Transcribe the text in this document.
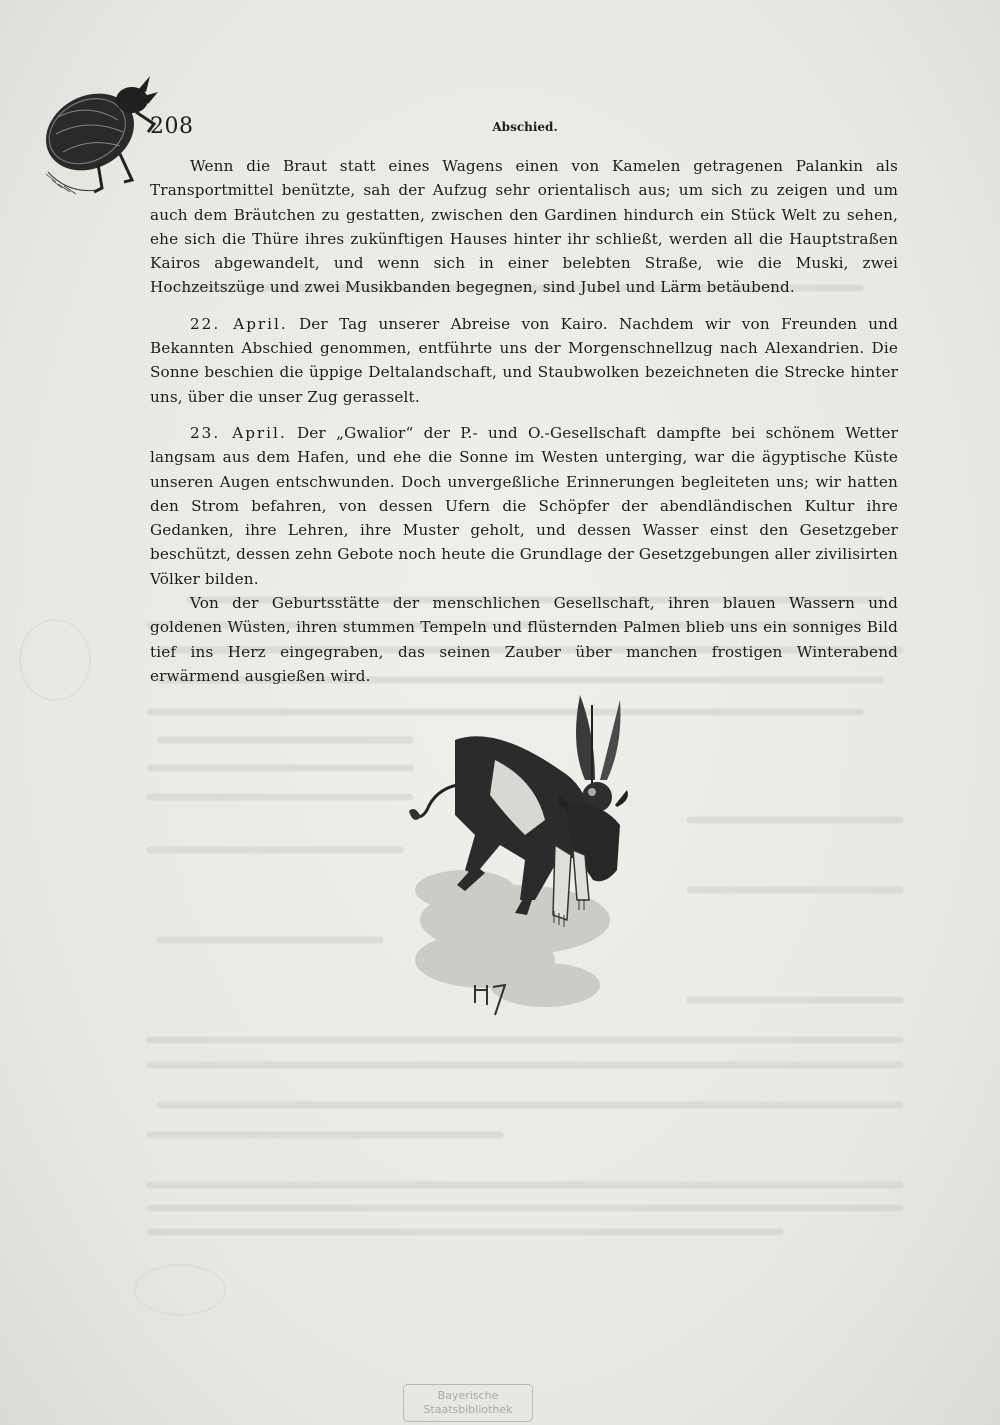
208	Abschied.

Wenn die Braut statt eines Wagens einen von Kamelen getragenen Palankin als Transportmittel benützte, sah der Aufzug sehr orientalisch aus; um sich zu zeigen und um auch dem Bräutchen zu gestatten, zwischen den Gardinen hindurch ein Stück Welt zu sehen, ehe sich die Thüre ihres zukünftigen Hauses hinter ihr schließt, werden all die Hauptstraßen Kairos abgewandelt, und wenn sich in einer belebten Straße, wie die Muski, zwei Hochzeitszüge und zwei Musikbanden begegnen, sind Jubel und Lärm betäubend.

22. April. Der Tag unserer Abreise von Kairo. Nachdem wir von Freunden und Bekannten Abschied genommen, entführte uns der Morgenschnellzug nach Alexandrien. Die Sonne beschien die üppige Deltalandschaft, und Staubwolken bezeichneten die Strecke hinter uns, über die unser Zug gerasselt.

23. April. Der „Gwalior“ der P.- und O.-Gesellschaft dampfte bei schönem Wetter langsam aus dem Hafen, und ehe die Sonne im Westen unterging, war die ägyptische Küste unseren Augen entschwunden. Doch unvergeßliche Erinnerungen begleiteten uns; wir hatten den Strom befahren, von dessen Ufern die Schöpfer der abendländischen Kultur ihre Gedanken, ihre Lehren, ihre Muster geholt, und dessen Wasser einst den Gesetzgeber beschützt, dessen zehn Gebote noch heute die Grundlage der Gesetzgebungen aller zivilisirten Völker bilden.

Von der Geburtsstätte der menschlichen Gesellschaft, ihren blauen Wassern und goldenen Wüsten, ihren stummen Tempeln und flüsternden Palmen blieb uns ein sonniges Bild tief ins Herz eingegraben, das seinen Zauber über manchen frostigen Winterabend erwärmend ausgießen wird.

Bayerische
Staatsbibliothek
